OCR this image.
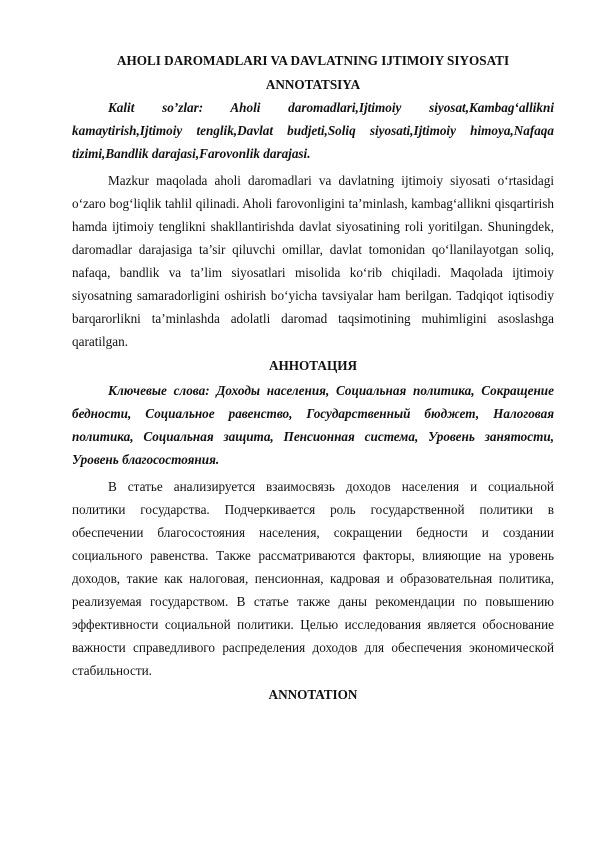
AHOLI DAROMADLARI VA DAVLATNING IJTIMOIY SIYOSATI
ANNOTATSIYA

Kalit so’zlar: Aholi daromadlari,Ijtimoiy siyosat,Kambag‘allikni kamaytirish,Ijtimoiy tenglik,Davlat budjeti,Soliq siyosati,Ijtimoiy himoya,Nafaqa tizimi,Bandlik darajasi,Farovonlik darajasi.

Mazkur maqolada aholi daromadlari va davlatning ijtimoiy siyosati o‘rtasidagi o‘zaro bog‘liqlik tahlil qilinadi. Aholi farovonligini ta’minlash, kambag‘allikni qisqartirish hamda ijtimoiy tenglikni shakllantirishda davlat siyosatining roli yoritilgan. Shuningdek, daromadlar darajasiga ta’sir qiluvchi omillar, davlat tomonidan qo‘llanilayotgan soliq, nafaqa, bandlik va ta’lim siyosatlari misolida ko‘rib chiqiladi. Maqolada ijtimoiy siyosatning samaradorligini oshirish bo‘yicha tavsiyalar ham berilgan. Tadqiqot iqtisodiy barqarorlikni ta’minlashda adolatli daromad taqsimotining muhimligini asoslashga qaratilgan.

АННОТАЦИЯ

Ключевые слова: Доходы населения, Социальная политика, Сокращение бедности, Социальное равенство, Государственный бюджет, Налоговая политика, Социальная защита, Пенсионная система, Уровень занятости, Уровень благосостояния.

В статье анализируется взаимосвязь доходов населения и социальной политики государства. Подчеркивается роль государственной политики в обеспечении благосостояния населения, сокращении бедности и создании социального равенства. Также рассматриваются факторы, влияющие на уровень доходов, такие как налоговая, пенсионная, кадровая и образовательная политика, реализуемая государством. В статье также даны рекомендации по повышению эффективности социальной политики. Целью исследования является обоснование важности справедливого распределения доходов для обеспечения экономической стабильности.

ANNOTATION
